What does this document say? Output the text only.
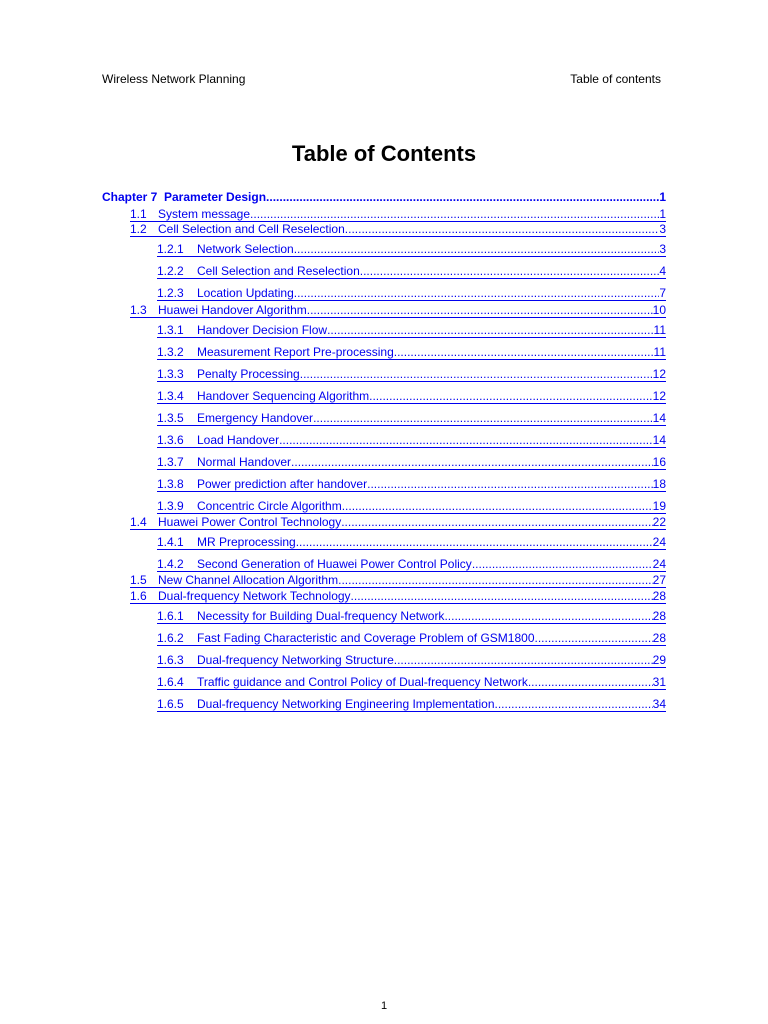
Wireless Network Planning	Table of contents
Table of Contents
Chapter 7 Parameter Design .....	1
1.1 System message .....	1
1.2 Cell Selection and Cell Reselection .....	3
1.2.1	Network Selection .....	3
1.2.2	Cell Selection and Reselection .....	4
1.2.3	Location Updating .....	7
1.3 Huawei Handover Algorithm .....	10
1.3.1	Handover Decision Flow .....	11
1.3.2	Measurement Report Pre-processing .....	11
1.3.3	Penalty Processing .....	12
1.3.4	Handover Sequencing Algorithm .....	12
1.3.5	Emergency Handover .....	14
1.3.6	Load Handover .....	14
1.3.7	Normal Handover .....	16
1.3.8	Power prediction after handover .....	18
1.3.9	Concentric Circle Algorithm .....	19
1.4 Huawei Power Control Technology .....	22
1.4.1	MR Preprocessing .....	24
1.4.2	Second Generation of Huawei Power Control Policy .....	24
1.5 New Channel Allocation Algorithm .....	27
1.6 Dual-frequency Network Technology .....	28
1.6.1	Necessity for Building Dual-frequency Network .....	28
1.6.2	Fast Fading Characteristic and Coverage Problem of GSM1800 .....	28
1.6.3	Dual-frequency Networking Structure .....	29
1.6.4	Traffic guidance and Control Policy of Dual-frequency Network .....	31
1.6.5	Dual-frequency Networking Engineering Implementation .....	34
1
